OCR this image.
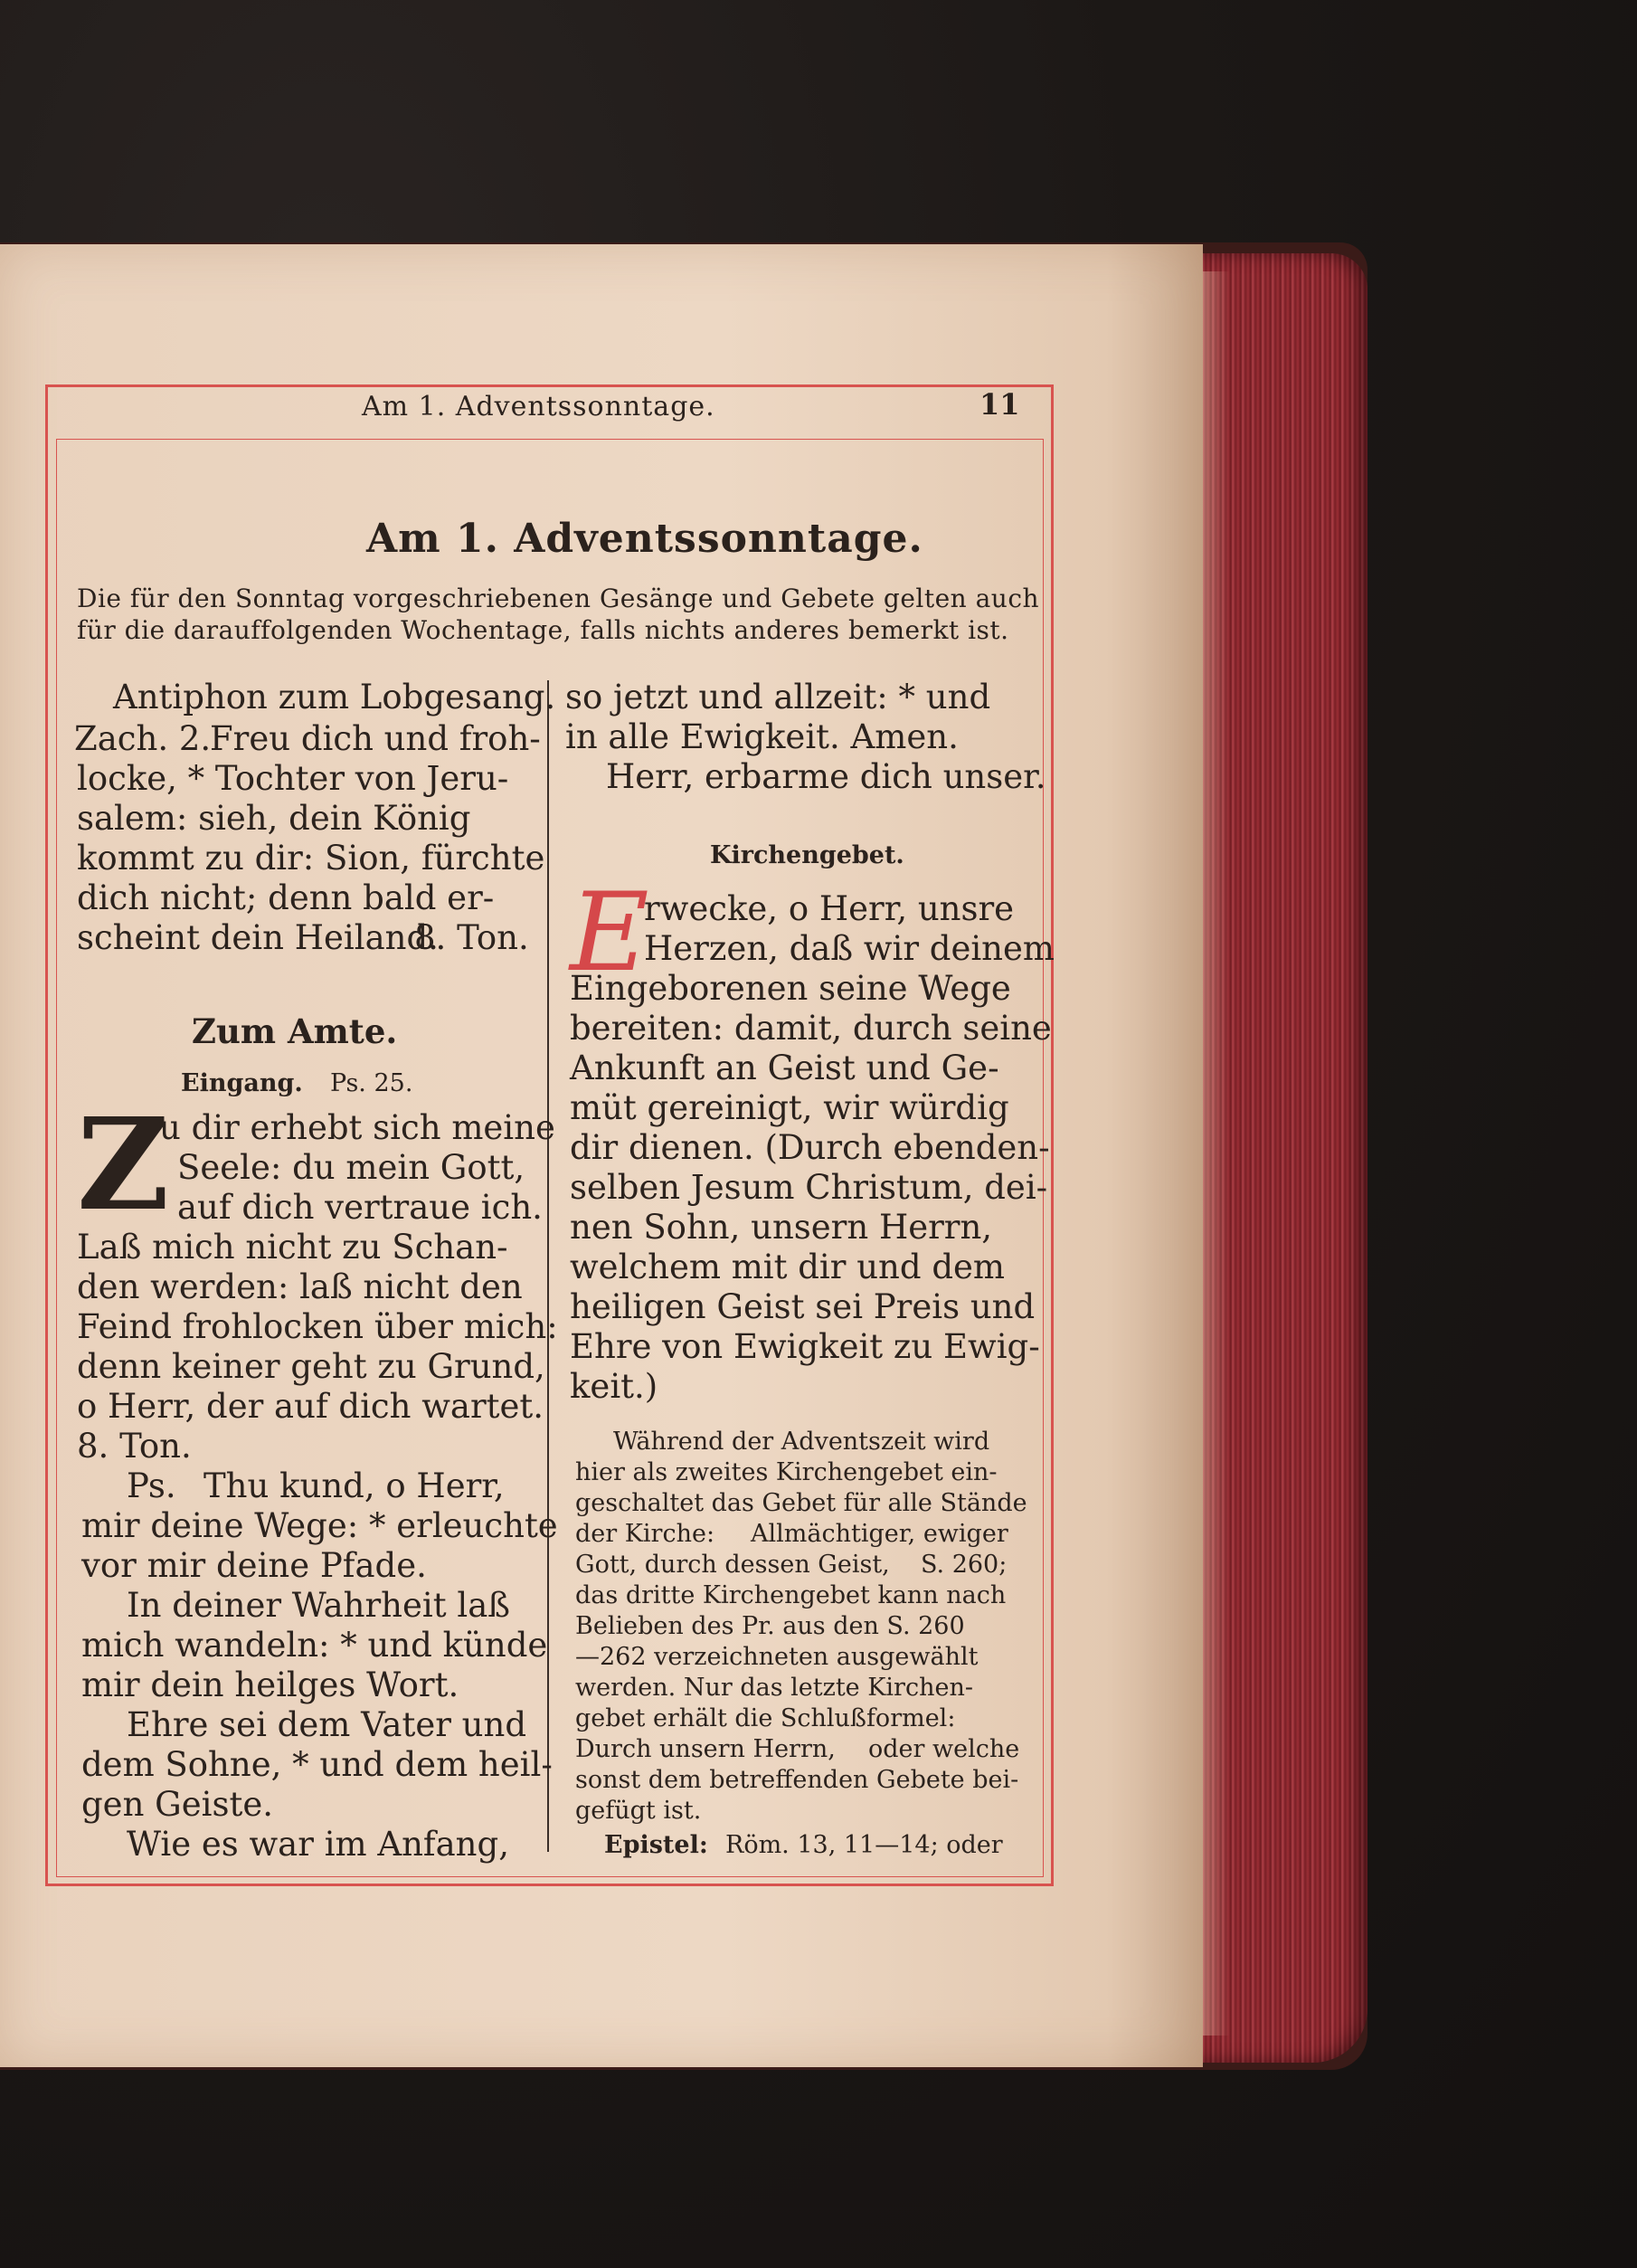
Am 1. Adventssonntage.	11
Am 1. Adventssonntage.
Die für den Sonntag vorgeschriebenen Gesänge und Gebete gelten auch
für die darauffolgenden Wochentage, falls nichts anderes bemerkt ist.
Antiphon zum Lobgesang.
Zach. 2.
Freu dich und froh-
locke, * Tochter von Jeru-
salem: sieh, dein König
kommt zu dir: Sion, fürchte
dich nicht; denn bald er-
scheint dein Heiland.
8. Ton.
Zum Amte.
Eingang. Ps. 25.
Z
u dir erhebt sich meine
Seele: du mein Gott,
auf dich vertraue ich.
Laß mich nicht zu Schan-
den werden: laß nicht den
Feind frohlocken über mich:
denn keiner geht zu Grund,
o Herr, der auf dich wartet.
8. Ton.
Ps. Thu kund, o Herr,
mir deine Wege: * erleuchte
vor mir deine Pfade.
In deiner Wahrheit laß
mich wandeln: * und künde
mir dein heilges Wort.
Ehre sei dem Vater und
dem Sohne, * und dem heil-
gen Geiste.
Wie es war im Anfang,
so jetzt und allzeit: * und
in alle Ewigkeit. Amen.
Herr, erbarme dich unser.
Kirchengebet.
E
rwecke, o Herr, unsre
Herzen, daß wir deinem
Eingeborenen seine Wege
bereiten: damit, durch seine
Ankunft an Geist und Ge-
müt gereinigt, wir würdig
dir dienen. (Durch ebenden-
selben Jesum Christum, dei-
nen Sohn, unsern Herrn,
welchem mit dir und dem
heiligen Geist sei Preis und
Ehre von Ewigkeit zu Ewig-
keit.)
Während der Adventszeit wird
hier als zweites Kirchengebet ein-
geschaltet das Gebet für alle Stände
der Kirche: Allmächtiger, ewiger
Gott, durch dessen Geist, S. 260;
das dritte Kirchengebet kann nach
Belieben des Pr. aus den S. 260
—262 verzeichneten ausgewählt
werden. Nur das letzte Kirchen-
gebet erhält die Schlußformel:
Durch unsern Herrn, oder welche
sonst dem betreffenden Gebete bei-
gefügt ist.
Epistel: Röm. 13, 11—14; oder
